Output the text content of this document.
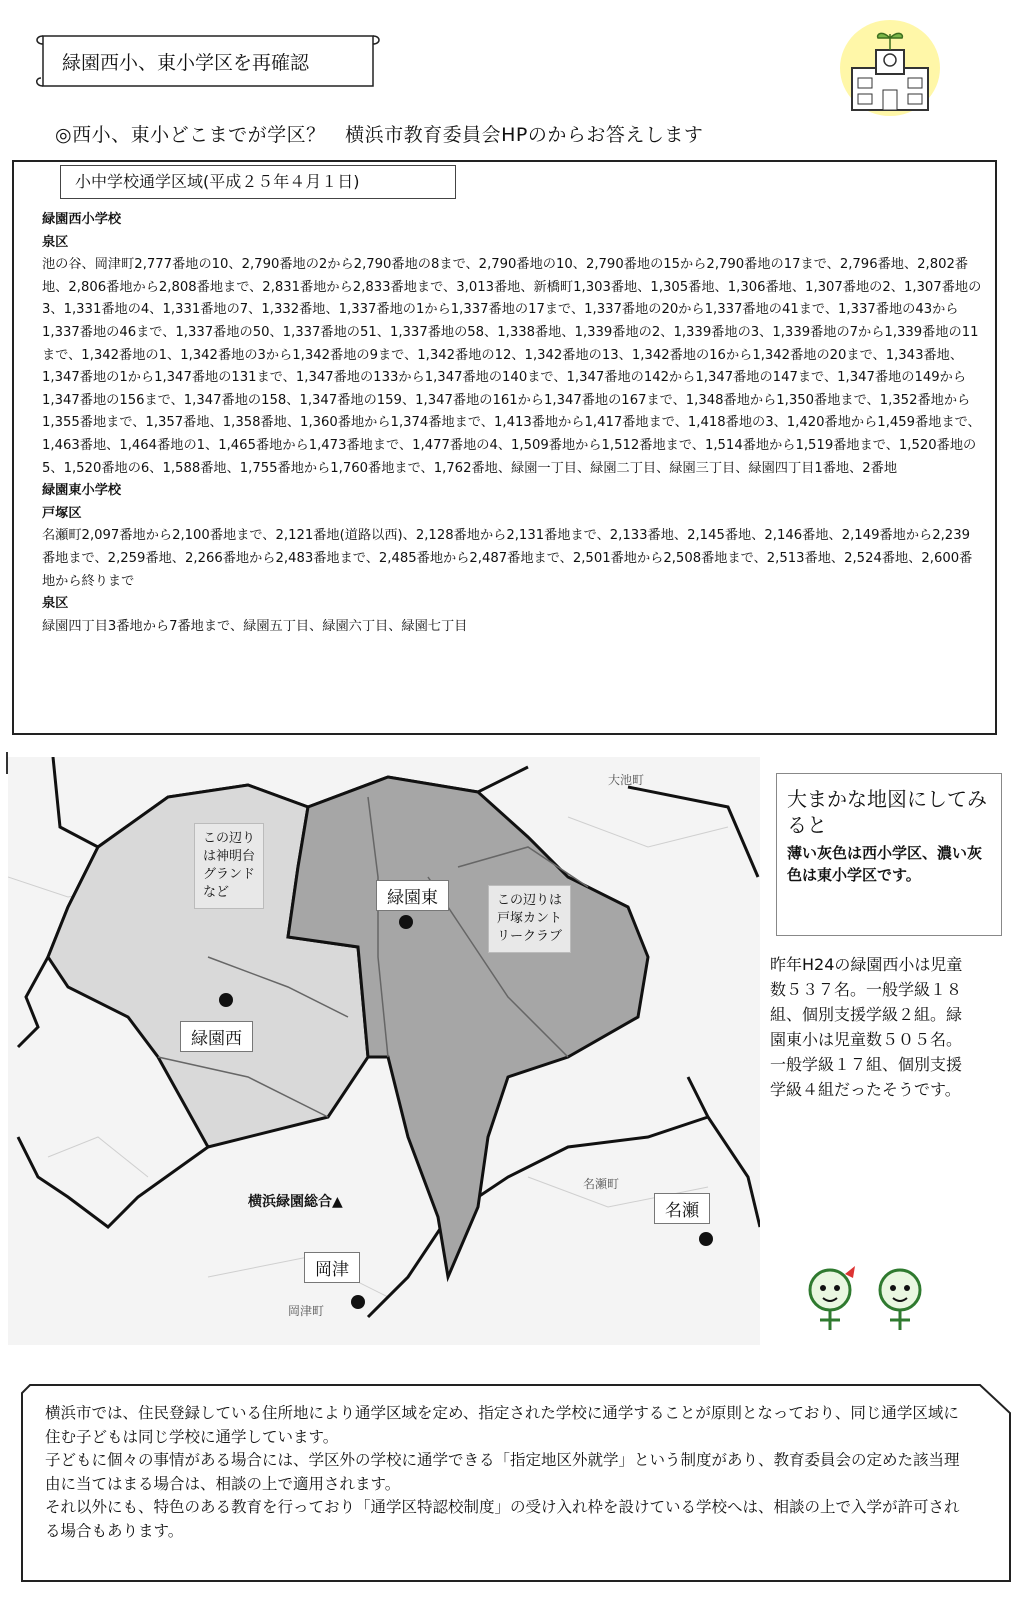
緑園西小、東小学区を再確認
◎西小、東小どこまでが学区？　横浜市教育委員会HPのからお答えします
小中学校通学区域(平成２５年４月１日)
緑園西小学校
泉区
池の谷、岡津町2,777番地の10、2,790番地の2から2,790番地の8まで、2,790番地の10、2,790番地の15から2,790番地の17まで、2,796番地、2,802番地、2,806番地から2,808番地まで、2,831番地から2,833番地まで、3,013番地、新橋町1,303番地、1,305番地、1,306番地、1,307番地の2、1,307番地の3、1,331番地の4、1,331番地の7、1,332番地、1,337番地の1から1,337番地の17まで、1,337番地の20から1,337番地の41まで、1,337番地の43から1,337番地の46まで、1,337番地の50、1,337番地の51、1,337番地の58、1,338番地、1,339番地の2、1,339番地の3、1,339番地の7から1,339番地の11まで、1,342番地の1、1,342番地の3から1,342番地の9まで、1,342番地の12、1,342番地の13、1,342番地の16から1,342番地の20まで、1,343番地、1,347番地の1から1,347番地の131まで、1,347番地の133から1,347番地の140まで、1,347番地の142から1,347番地の147まで、1,347番地の149から1,347番地の156まで、1,347番地の158、1,347番地の159、1,347番地の161から1,347番地の167まで、1,348番地から1,350番地まで、1,352番地から1,355番地まで、1,357番地、1,358番地、1,360番地から1,374番地まで、1,413番地から1,417番地まで、1,418番地の3、1,420番地から1,459番地まで、1,463番地、1,464番地の1、1,465番地から1,473番地まで、1,477番地の4、1,509番地から1,512番地まで、1,514番地から1,519番地まで、1,520番地の5、1,520番地の6、1,588番地、1,755番地から1,760番地まで、1,762番地、緑園一丁目、緑園二丁目、緑園三丁目、緑園四丁目1番地、2番地
緑園東小学校
戸塚区
名瀬町2,097番地から2,100番地まで、2,121番地(道路以西)、2,128番地から2,131番地まで、2,133番地、2,145番地、2,146番地、2,149番地から2,239番地まで、2,259番地、2,266番地から2,483番地まで、2,485番地から2,487番地まで、2,501番地から2,508番地まで、2,513番地、2,524番地、2,600番地から終りまで
泉区
緑園四丁目3番地から7番地まで、緑園五丁目、緑園六丁目、緑園七丁目
緑園東
緑園西
名瀬
岡津
横浜緑園総合▲
この辺り
は神明台
グランド
など
この辺りは
戸塚カント
リークラブ
大池町
名瀬町
岡津町
大まかな地図にしてみると
薄い灰色は西小学区、濃い灰色は東小学区です。
昨年H24の緑園西小は児童数５３７名。一般学級１８組、個別支援学級２組。緑園東小は児童数５０５名。一般学級１７組、個別支援学級４組だったそうです。
横浜市では、住民登録している住所地により通学区域を定め、指定された学校に通学することが原則となっており、同じ通学区域に住む子どもは同じ学校に通学しています。
子どもに個々の事情がある場合には、学区外の学校に通学できる「指定地区外就学」という制度があり、教育委員会の定めた該当理由に当てはまる場合は、相談の上で適用されます。
それ以外にも、特色のある教育を行っており「通学区特認校制度」の受け入れ枠を設けている学校へは、相談の上で入学が許可される場合もあります。
